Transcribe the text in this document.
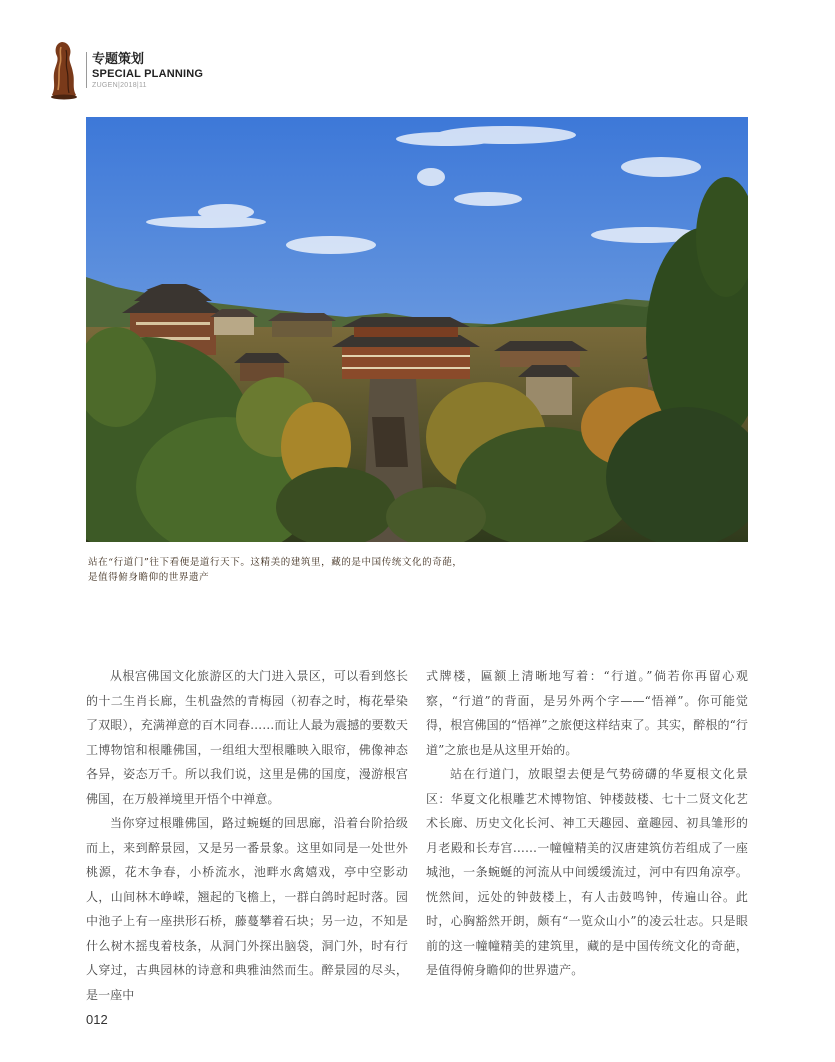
专题策划
SPECIAL PLANNING
ZUGEN|2018|11

站在“行道门”往下看便是道行天下。这精美的建筑里，藏的是中国传统文化的奇葩，

是值得俯身瞻仰的世界遗产

从根宫佛国文化旅游区的大门进入景区，可以看到悠长的十二生肖长廊，生机盎然的青梅园（初春之时，梅花晕染了双眼），充满禅意的百木同春……而让人最为震撼的要数天工博物馆和根雕佛国，一组组大型根雕映入眼帘，佛像神态各异，姿态万千。所以我们说，这里是佛的国度，漫游根宫佛国，在万般禅境里开悟个中禅意。

当你穿过根雕佛国，路过蜿蜒的回思廊，沿着台阶拾级而上，来到醉景园，又是另一番景象。这里如同是一处世外桃源，花木争春，小桥流水，池畔水禽嬉戏，亭中空影动人，山间林木峥嵘，翘起的飞檐上，一群白鸽时起时落。园中池子上有一座拱形石桥，藤蔓攀着石块；另一边，不知是什么树木摇曳着枝条，从洞门外探出脑袋，洞门外，时有行人穿过，古典园林的诗意和典雅油然而生。醉景园的尽头，是一座中

式牌楼，匾额上清晰地写着：“行道。”倘若你再留心观察，“行道”的背面，是另外两个字——“悟禅”。你可能觉得，根宫佛国的“悟禅”之旅便这样结束了。其实，醉根的“行道”之旅也是从这里开始的。

站在行道门，放眼望去便是气势磅礴的华夏根文化景区：华夏文化根雕艺术博物馆、钟楼鼓楼、七十二贤文化艺术长廊、历史文化长河、神工天趣园、童趣园、初具雏形的月老殿和长寿宫……一幢幢精美的汉唐建筑仿若组成了一座城池，一条蜿蜒的河流从中间缓缓流过，河中有四角凉亭。恍然间，远处的钟鼓楼上，有人击鼓鸣钟，传遍山谷。此时，心胸豁然开朗，颇有“一览众山小”的凌云壮志。只是眼前的这一幢幢精美的建筑里，藏的是中国传统文化的奇葩，是值得俯身瞻仰的世界遗产。

012
